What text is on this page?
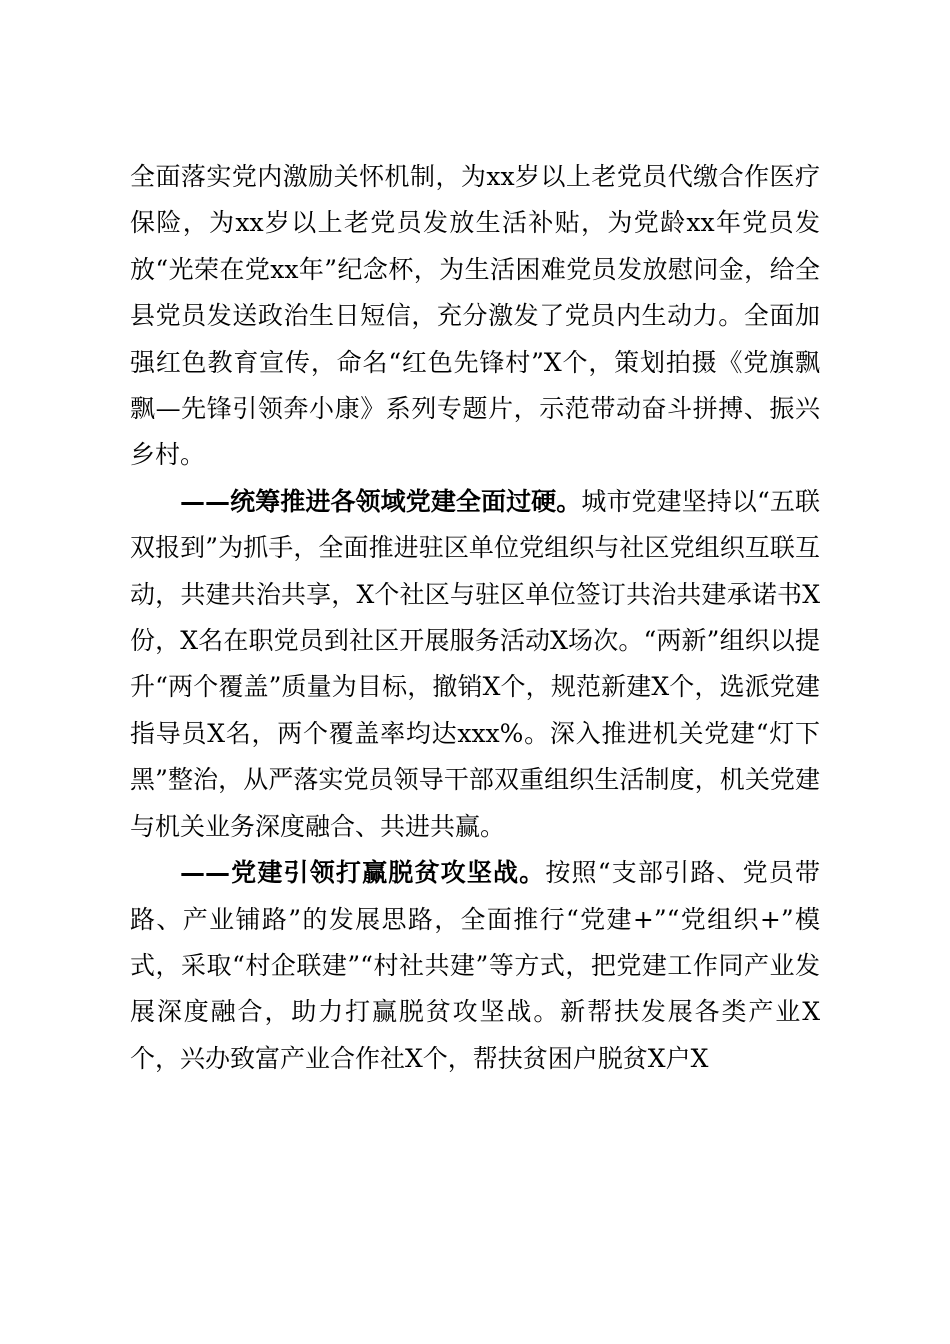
全面落实党内激励关怀机制，为xx岁以上老党员代缴合作医疗保险，为xx岁以上老党员发放生活补贴，为党龄xx年党员发放“光荣在党xx年”纪念杯，为生活困难党员发放慰问金，给全县党员发送政治生日短信，充分激发了党员内生动力。全面加强红色教育宣传，命名“红色先锋村”X个，策划拍摄《党旗飘飘—先锋引领奔小康》系列专题片，示范带动奋斗拼搏、振兴乡村。

——统筹推进各领域党建全面过硬。城市党建坚持以“五联双报到”为抓手，全面推进驻区单位党组织与社区党组织互联互动，共建共治共享，X个社区与驻区单位签订共治共建承诺书X份，X名在职党员到社区开展服务活动X场次。“两新”组织以提升“两个覆盖”质量为目标，撤销X个，规范新建X个，选派党建指导员X名，两个覆盖率均达xxx%。深入推进机关党建“灯下黑”整治，从严落实党员领导干部双重组织生活制度，机关党建与机关业务深度融合、共进共赢。

——党建引领打赢脱贫攻坚战。按照“支部引路、党员带路、产业铺路”的发展思路，全面推行“党建+”“党组织+”模式，采取“村企联建”“村社共建”等方式，把党建工作同产业发展深度融合，助力打赢脱贫攻坚战。新帮扶发展各类产业X个，兴办致富产业合作社X个，帮扶贫困户脱贫X户X
